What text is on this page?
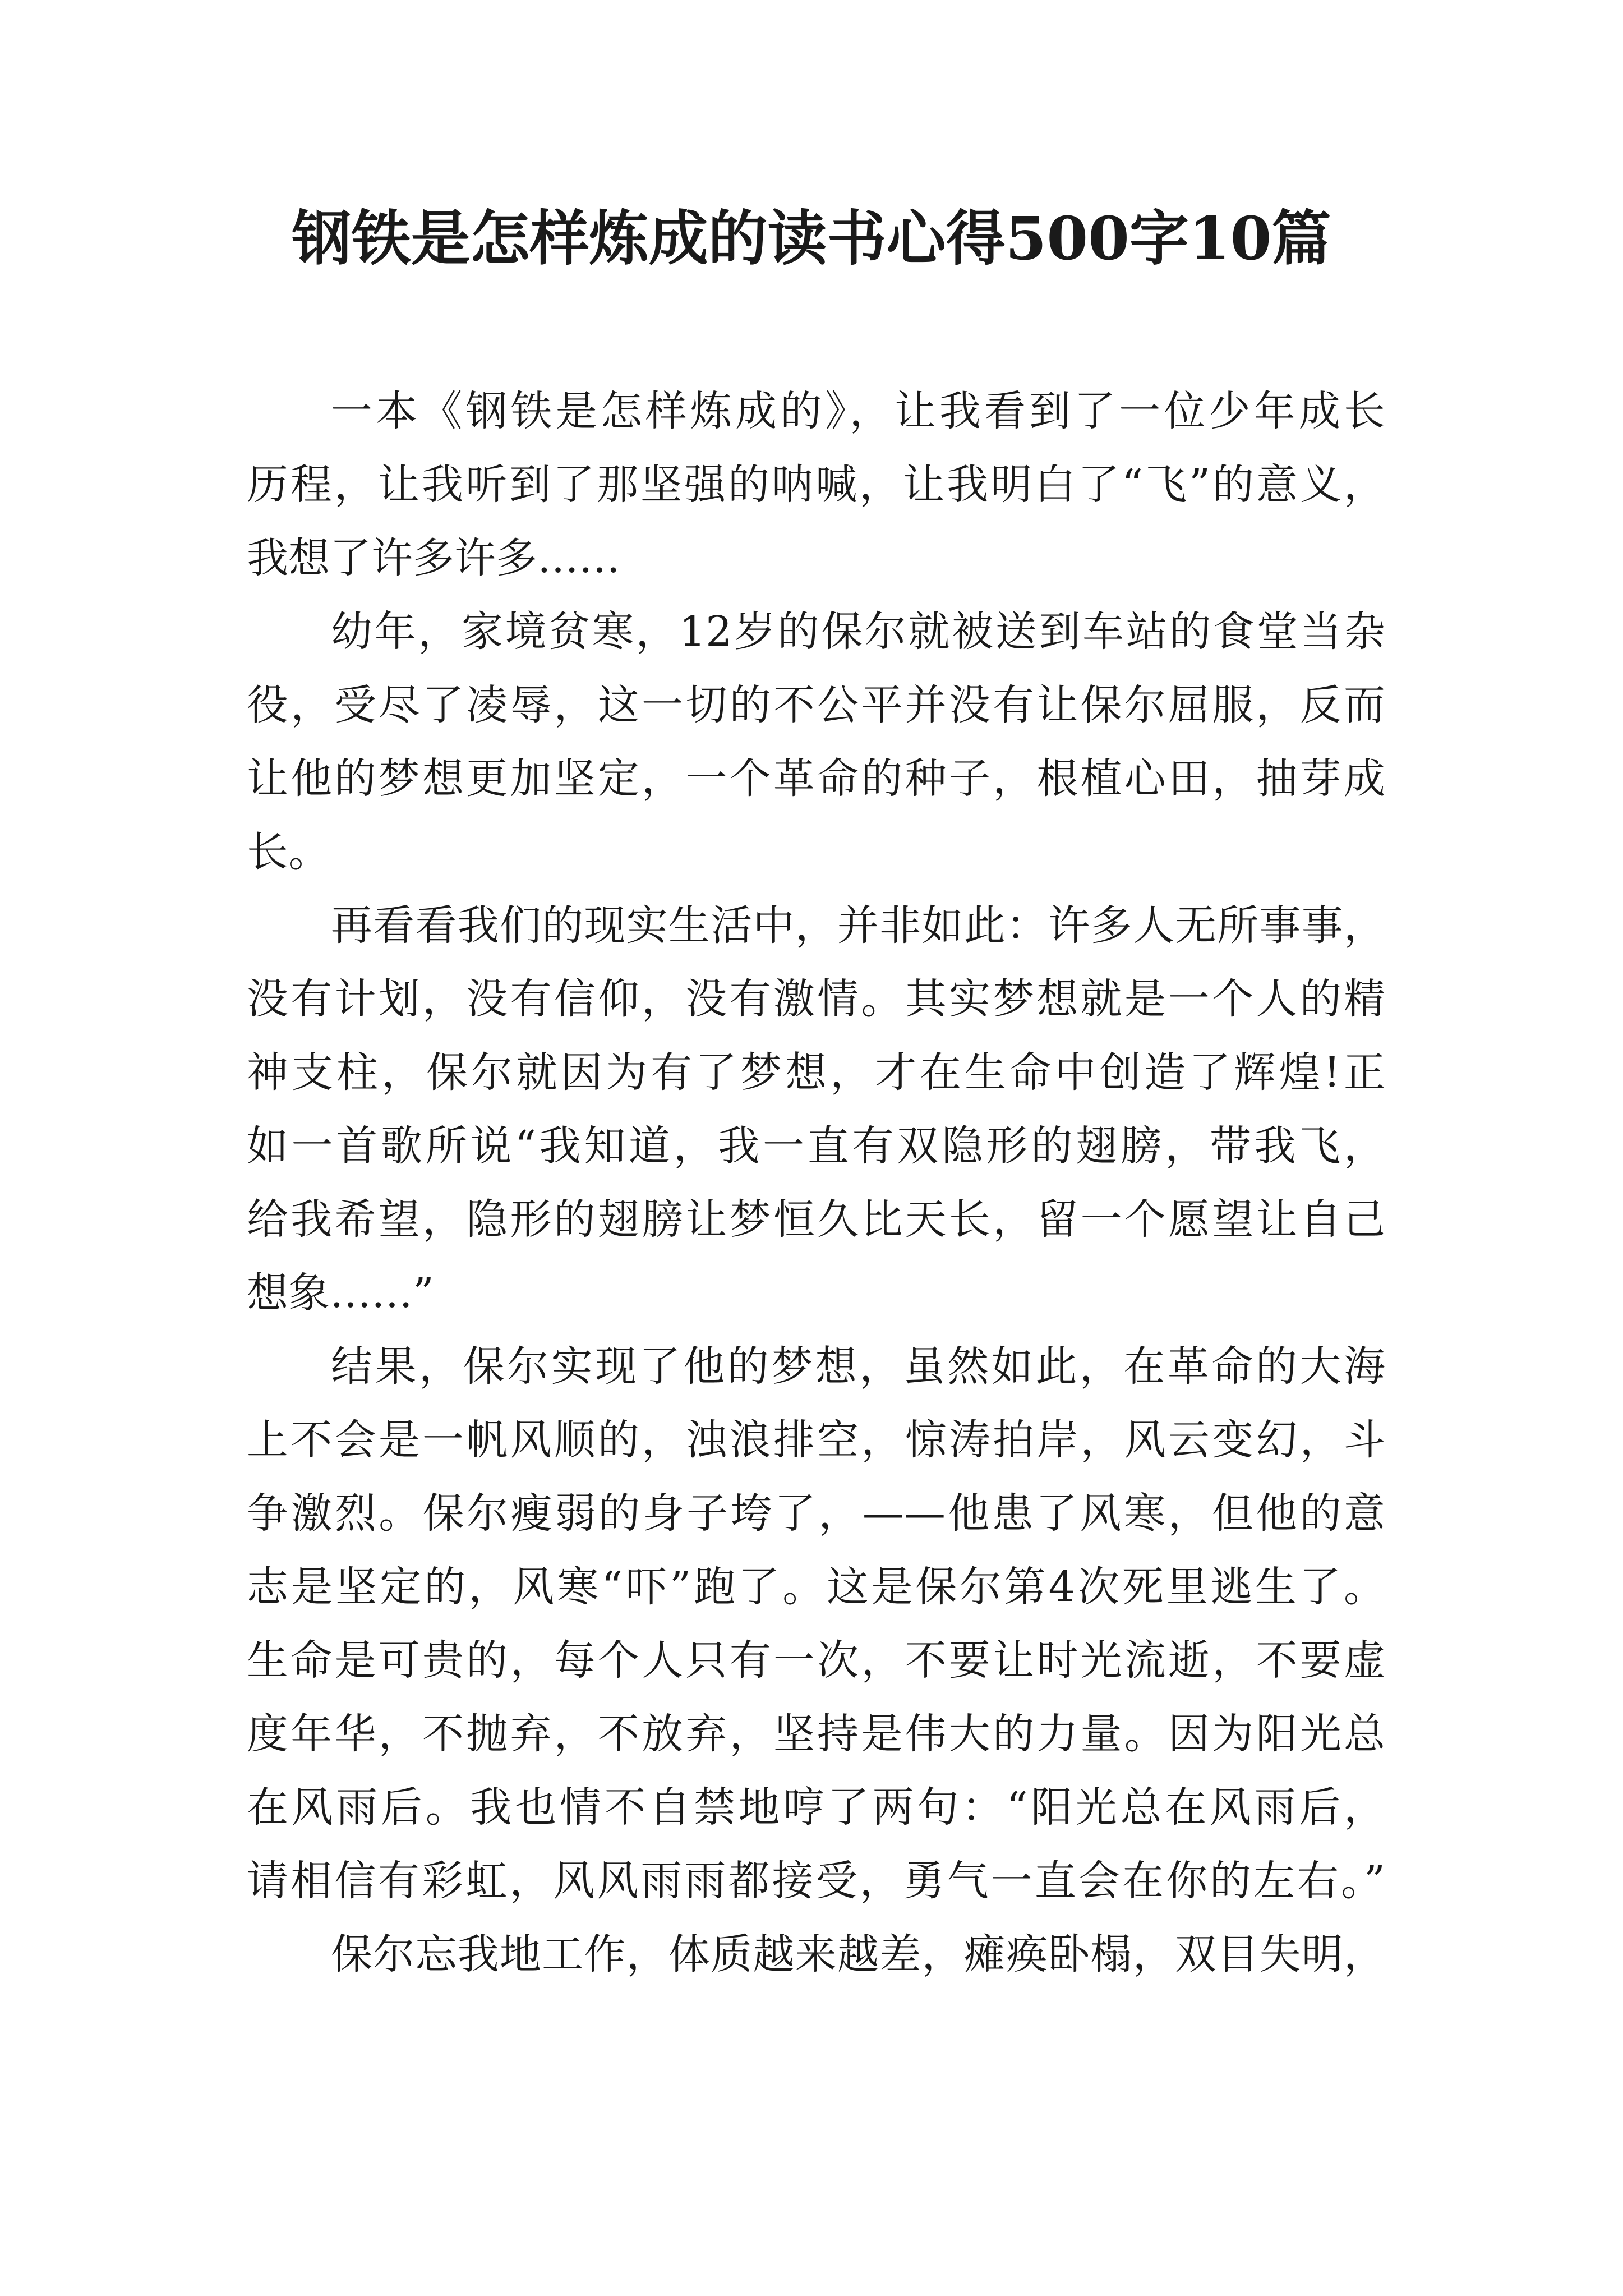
钢铁是怎样炼成的读书心得500字10篇
一本《钢铁是怎样炼成的》，让我看到了一位少年成长
历程，让我听到了那坚强的呐喊，让我明白了“飞”的意义，
我想了许多许多……
幼年，家境贫寒，12岁的保尔就被送到车站的食堂当杂
役，受尽了凌辱，这一切的不公平并没有让保尔屈服，反而
让他的梦想更加坚定，一个革命的种子，根植心田，抽芽成
长。
再看看我们的现实生活中，并非如此：许多人无所事事，
没有计划，没有信仰，没有激情。其实梦想就是一个人的精
神支柱，保尔就因为有了梦想，才在生命中创造了辉煌!正
如一首歌所说“我知道，我一直有双隐形的翅膀，带我飞，
给我希望，隐形的翅膀让梦恒久比天长，留一个愿望让自己
想象……”
结果，保尔实现了他的梦想，虽然如此，在革命的大海
上不会是一帆风顺的，浊浪排空，惊涛拍岸，风云变幻，斗
争激烈。保尔瘦弱的身子垮了，——他患了风寒，但他的意
志是坚定的，风寒“吓”跑了。这是保尔第4次死里逃生了。
生命是可贵的，每个人只有一次，不要让时光流逝，不要虚
度年华，不抛弃，不放弃，坚持是伟大的力量。因为阳光总
在风雨后。我也情不自禁地哼了两句：“阳光总在风雨后，
请相信有彩虹，风风雨雨都接受，勇气一直会在你的左右。”
保尔忘我地工作，体质越来越差，瘫痪卧榻，双目失明，
